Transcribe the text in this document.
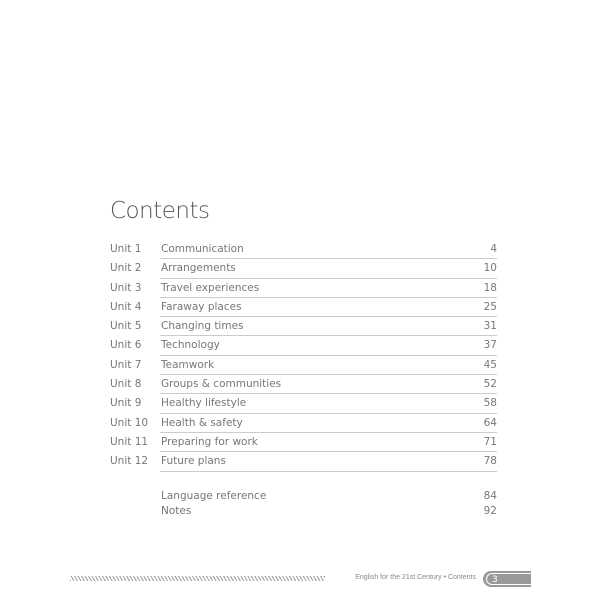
Contents
Unit 1 Communication	4
Unit 2 Arrangements	10
Unit 3 Travel experiences	18
Unit 4 Faraway places	25
Unit 5 Changing times	31
Unit 6 Technology	37
Unit 7 Teamwork	45
Unit 8 Groups & communities	52
Unit 9 Healthy lifestyle	58
Unit 10 Health & safety	64
Unit 11 Preparing for work	71
Unit 12 Future plans	78
Language reference	84
Notes	92
English for the 21st Century • Contents	3
